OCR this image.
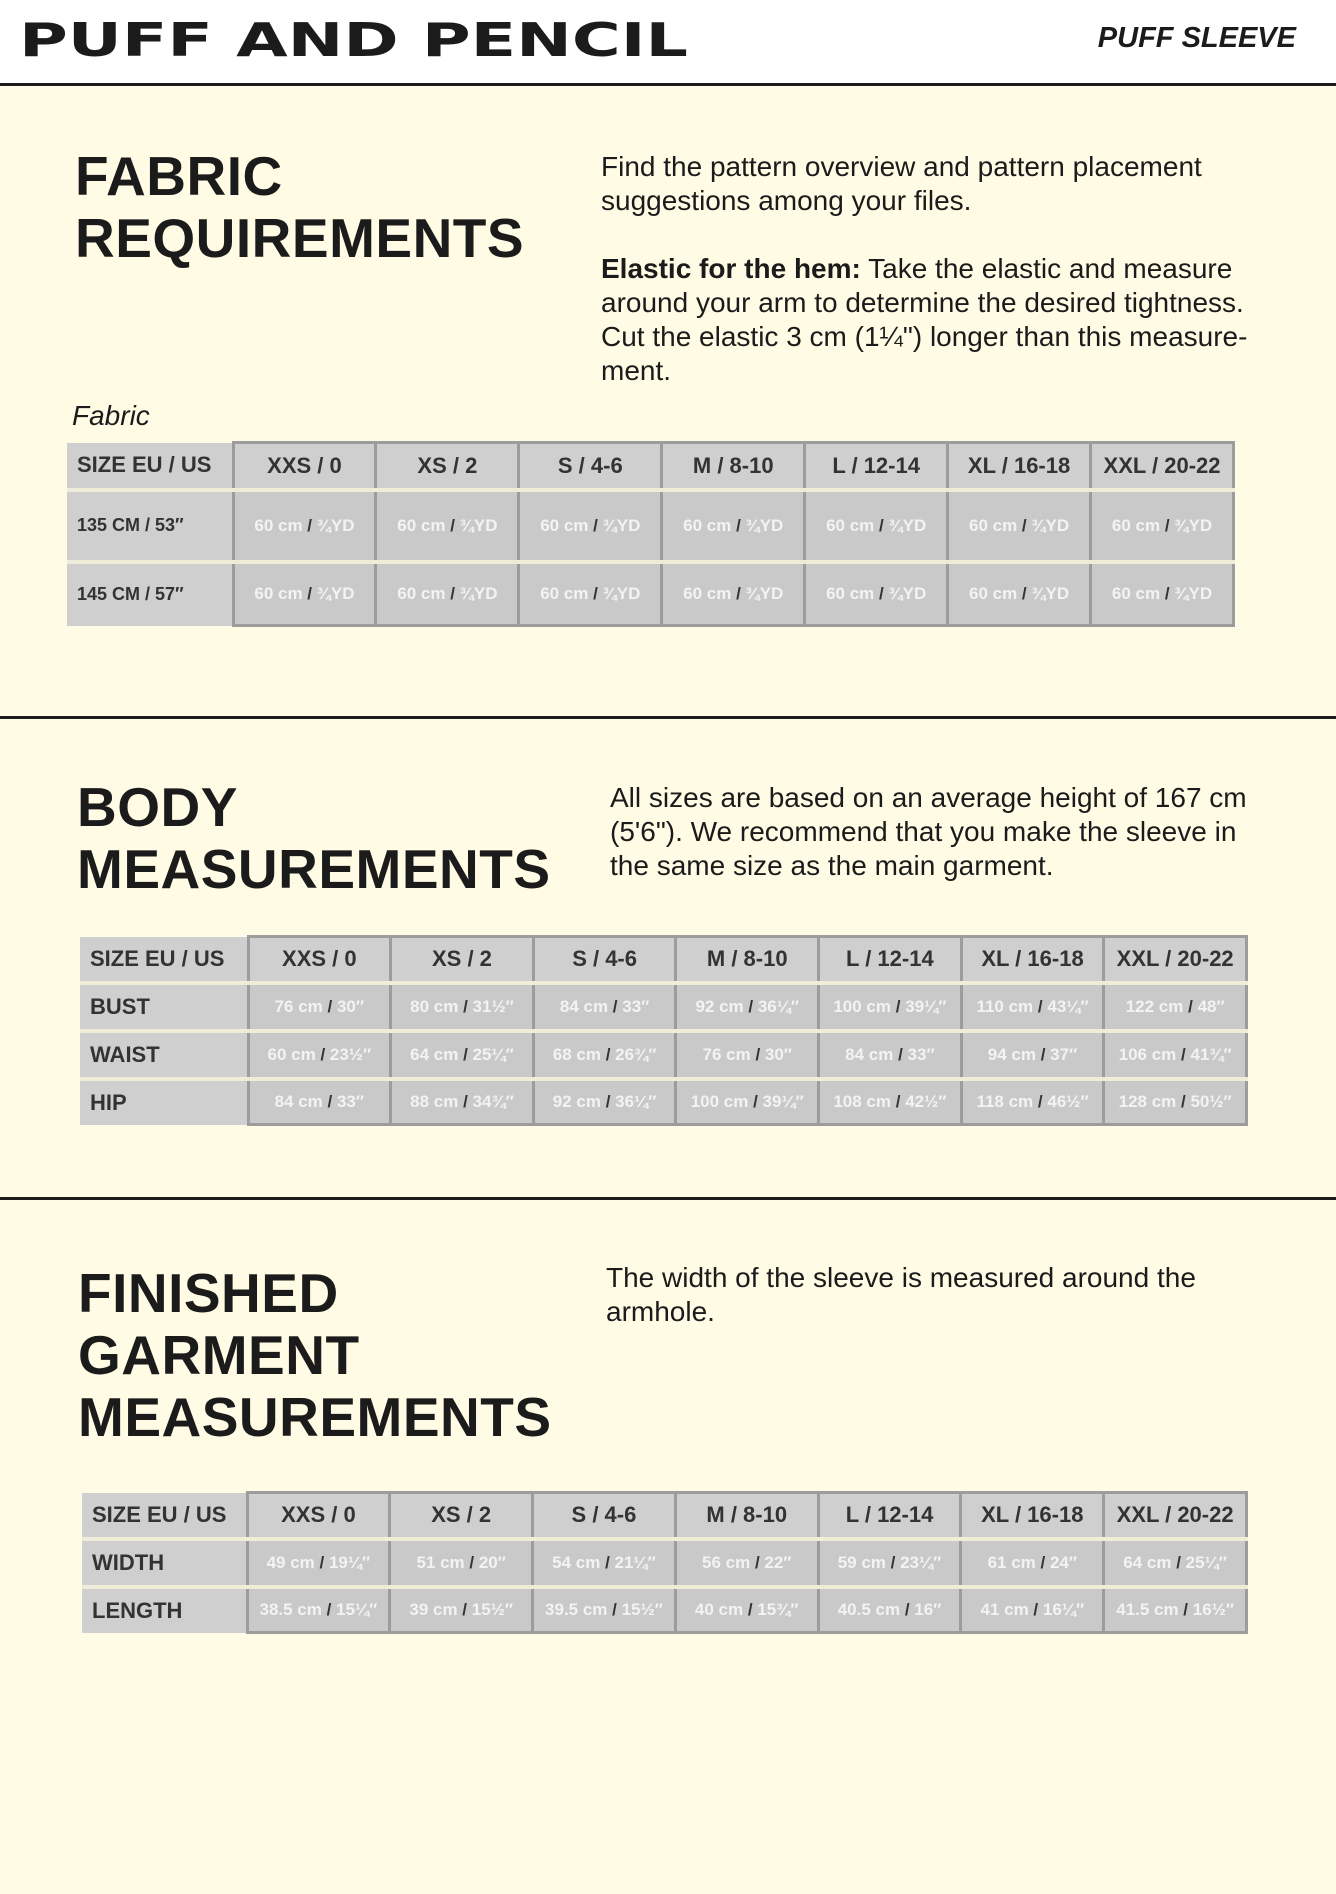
PUFF AND PENCIL	PUFF SLEEVE
FABRIC
REQUIREMENTS

Find the pattern overview and pattern placement suggestions among your files.

Elastic for the hem: Take the elastic and measure around your arm to determine the desired tightness. Cut the elastic 3 cm (1¼") longer than this measure-ment.

Fabric
SIZE EU / US	XXS / 0	XS / 2	S / 4-6	M / 8-10	L / 12-14	XL / 16-18	XXL / 20-22
135 CM / 53″	60 cm / ¾YD	60 cm / ¾YD	60 cm / ¾YD	60 cm / ¾YD	60 cm / ¾YD	60 cm / ¾YD	60 cm / ¾YD
145 CM / 57″	60 cm / ¾YD	60 cm / ¾YD	60 cm / ¾YD	60 cm / ¾YD	60 cm / ¾YD	60 cm / ¾YD	60 cm / ¾YD
BODY
MEASUREMENTS

All sizes are based on an average height of 167 cm (5'6"). We recommend that you make the sleeve in the same size as the main garment.

SIZE EU / US	XXS / 0	XS / 2	S / 4-6	M / 8-10	L / 12-14	XL / 16-18	XXL / 20-22
BUST	76 cm / 30″	80 cm / 31½″	84 cm / 33″	92 cm / 36¼″	100 cm / 39¼″	110 cm / 43¼″	122 cm / 48″
WAIST	60 cm / 23½″	64 cm / 25¼″	68 cm / 26¾″	76 cm / 30″	84 cm / 33″	94 cm / 37″	106 cm / 41¾″
HIP	84 cm / 33″	88 cm / 34¾″	92 cm / 36¼″	100 cm / 39¼″	108 cm / 42½″	118 cm / 46½″	128 cm / 50½″
FINISHED
GARMENT
MEASUREMENTS

The width of the sleeve is measured around the armhole.

SIZE EU / US	XXS / 0	XS / 2	S / 4-6	M / 8-10	L / 12-14	XL / 16-18	XXL / 20-22
WIDTH	49 cm / 19¼″	51 cm / 20″	54 cm / 21¼″	56 cm / 22″	59 cm / 23¼″	61 cm / 24″	64 cm / 25¼″
LENGTH	38.5 cm / 15¼″	39 cm / 15½″	39.5 cm / 15½″	40 cm / 15¾″	40.5 cm / 16″	41 cm / 16¼″	41.5 cm / 16½″
